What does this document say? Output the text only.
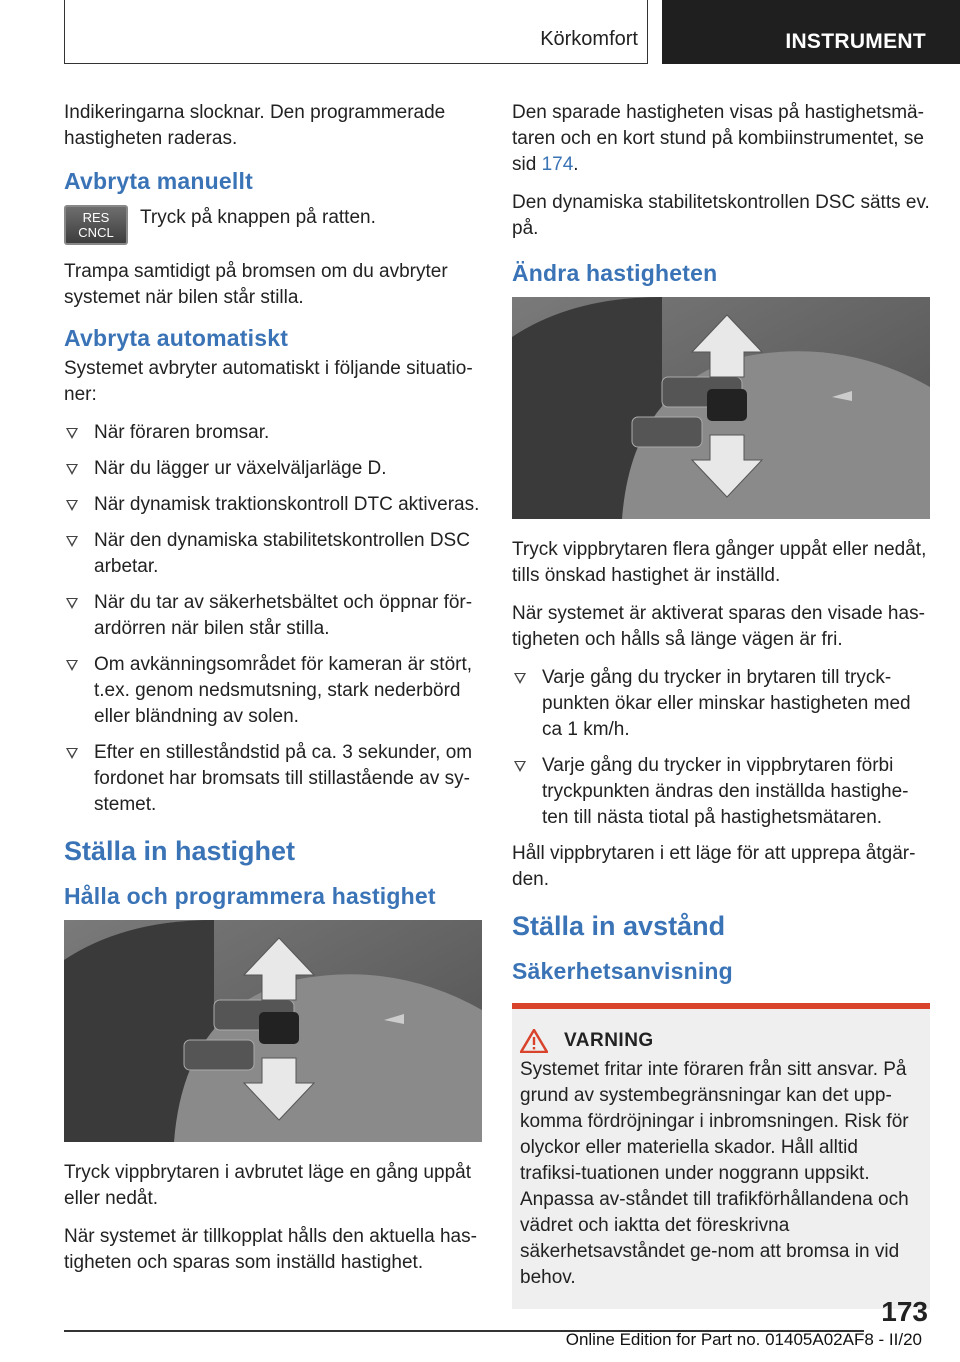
Körkomfort	INSTRUMENT

Indikeringarna slocknar. Den programmerade hastigheten raderas.

Avbryta manuellt
RES
CNCL

Tryck på knappen på ratten.

Trampa samtidigt på bromsen om du avbryter systemet när bilen står stilla.

Avbryta automatiskt

Systemet avbryter automatiskt i följande situatio-ner:

När föraren bromsar.
När du lägger ur växelväljarläge D.
När dynamisk traktionskontroll DTC aktiveras.
När den dynamiska stabilitetskontrollen DSC arbetar.
När du tar av säkerhetsbältet och öppnar för-ardörren när bilen står stilla.
Om avkänningsområdet för kameran är stört, t.ex. genom nedsmutsning, stark nederbörd eller bländning av solen.
Efter en stilleståndstid på ca. 3 sekunder, om fordonet har bromsats till stillastående av sy-stemet.
Ställa in hastighet
Hålla och programmera hastighet

Tryck vippbrytaren i avbrutet läge en gång uppåt eller nedåt.

När systemet är tillkopplat hålls den aktuella has-tigheten och sparas som inställd hastighet.

Den sparade hastigheten visas på hastighetsmä-taren och en kort stund på kombiinstrumentet, se sid 174.

Den dynamiska stabilitetskontrollen DSC sätts ev. på.

Ändra hastigheten

Tryck vippbrytaren flera gånger uppåt eller nedåt, tills önskad hastighet är inställd.

När systemet är aktiverat sparas den visade has-tigheten och hålls så länge vägen är fri.

Varje gång du trycker in brytaren till tryck-punkten ökar eller minskar hastigheten med ca 1 km/h.
Varje gång du trycker in vippbrytaren förbi tryckpunkten ändras den inställda hastighe-ten till nästa tiotal på hastighetsmätaren.

Håll vippbrytaren i ett läge för att upprepa åtgär-den.

Ställa in avstånd
Säkerhetsanvisning
VARNING

Systemet fritar inte föraren från sitt ansvar. På grund av systembegränsningar kan det upp-komma fördröjningar i inbromsningen. Risk för olyckor eller materiella skador. Håll alltid trafiksi-tuationen under noggrann uppsikt. Anpassa av-ståndet till trafikförhållandena och vädret och iaktta det föreskrivna säkerhetsavståndet ge-nom att bromsa in vid behov.

173
Online Edition for Part no. 01405A02AF8 - II/20
